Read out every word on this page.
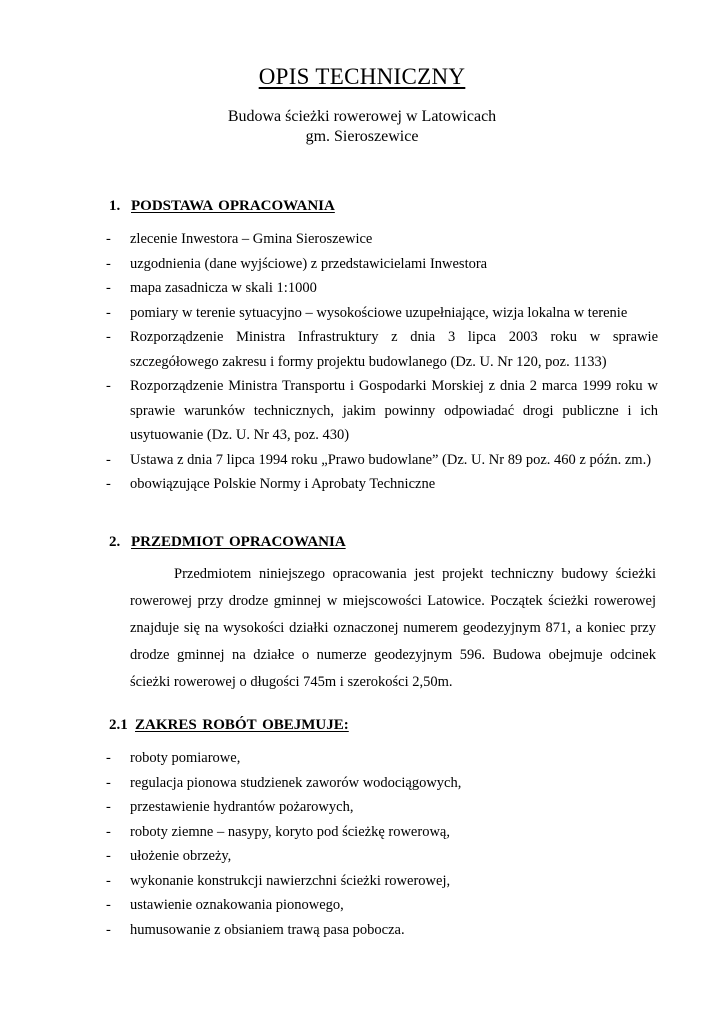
OPIS TECHNICZNY
Budowa ścieżki rowerowej w Latowicach
gm. Sieroszewice
1. PODSTAWA OPRACOWANIA
- zlecenie Inwestora – Gmina Sieroszewice
- uzgodnienia (dane wyjściowe) z przedstawicielami Inwestora
- mapa zasadnicza w skali 1:1000
- pomiary w terenie sytuacyjno – wysokościowe uzupełniające, wizja lokalna w terenie
- Rozporządzenie Ministra Infrastruktury z dnia 3 lipca 2003 roku w sprawie szczegółowego zakresu i formy projektu budowlanego (Dz. U. Nr 120, poz. 1133)
- Rozporządzenie Ministra Transportu i Gospodarki Morskiej z dnia 2 marca 1999 roku w sprawie warunków technicznych, jakim powinny odpowiadać drogi publiczne i ich usytuowanie (Dz. U. Nr 43, poz. 430)
- Ustawa z dnia 7 lipca 1994 roku „Prawo budowlane” (Dz. U. Nr 89 poz. 460 z późn. zm.)
- obowiązujące Polskie Normy i Aprobaty Techniczne
2. PRZEDMIOT OPRACOWANIA

Przedmiotem niniejszego opracowania jest projekt techniczny budowy ścieżki rowerowej przy drodze gminnej w miejscowości Latowice. Początek ścieżki rowerowej znajduje się na wysokości działki oznaczonej numerem geodezyjnym 871, a koniec przy drodze gminnej na działce o numerze geodezyjnym 596. Budowa obejmuje odcinek ścieżki rowerowej o długości 745m i szerokości 2,50m.

2.1 ZAKRES ROBÓT OBEJMUJE:
- roboty pomiarowe,
- regulacja pionowa studzienek zaworów wodociągowych,
- przestawienie hydrantów pożarowych,
- roboty ziemne – nasypy, koryto pod ścieżkę rowerową,
- ułożenie obrzeży,
- wykonanie konstrukcji nawierzchni ścieżki rowerowej,
- ustawienie oznakowania pionowego,
- humusowanie z obsianiem trawą pasa pobocza.
